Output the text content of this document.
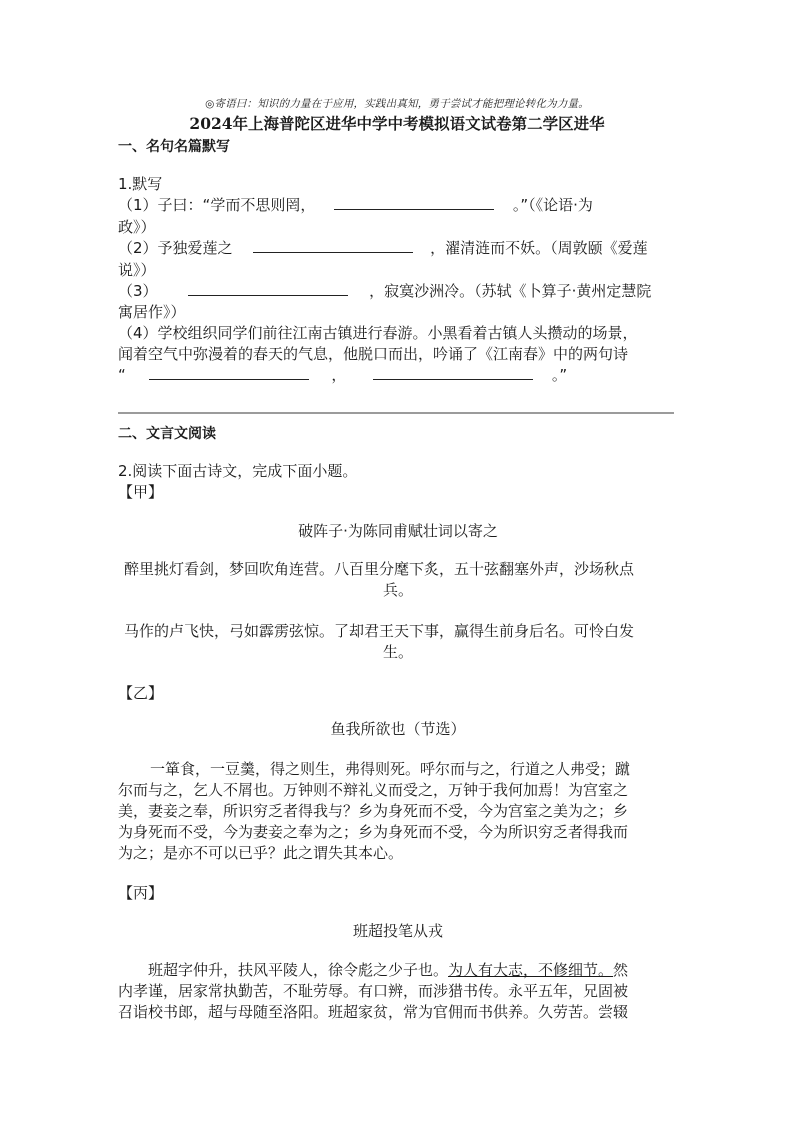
◎寄语曰：知识的力量在于应用，实践出真知，勇于尝试才能把理论转化为力量。
2024年上海普陀区进华中学中考模拟语文试卷第二学区进华
一、名句名篇默写
1.默写
（1）子曰：“学而不思则罔，	。”（《论语·为
政》）
（2）予独爱莲之	，濯清涟而不妖。（周敦颐《爱莲
说》）
（3）	，寂寞沙洲冷。（苏轼《卜算子·黄州定慧院
寓居作》）
（4）学校组织同学们前往江南古镇进行春游。小黑看着古镇人头攒动的场景，
闻着空气中弥漫着的春天的气息，他脱口而出，吟诵了《江南春》中的两句诗
“	，	。”
二、文言文阅读
2.阅读下面古诗文，完成下面小题。
【甲】
破阵子·为陈同甫赋壮词以寄之
醉里挑灯看剑，梦回吹角连营。八百里分麾下炙，五十弦翻塞外声，沙场秋点
兵。
马作的卢飞快，弓如霹雳弦惊。了却君王天下事，赢得生前身后名。可怜白发
生。
【乙】
鱼我所欲也（节选）
一箪食，一豆羹，得之则生，弗得则死。呼尔而与之，行道之人弗受；蹴
尔而与之，乞人不屑也。万钟则不辩礼义而受之，万钟于我何加焉！为宫室之
美，妻妾之奉，所识穷乏者得我与？乡为身死而不受，今为宫室之美为之；乡
为身死而不受，今为妻妾之奉为之；乡为身死而不受，今为所识穷乏者得我而
为之；是亦不可以已乎？此之谓失其本心。
【丙】
班超投笔从戎
班超字仲升，扶风平陵人，徐令彪之少子也。为人有大志，不修细节。然
内孝谨，居家常执勤苦，不耻劳辱。有口辨，而涉猎书传。永平五年，兄固被
召诣校书郎，超与母随至洛阳。班超家贫，常为官佣而书供养。久劳苦。尝辍
